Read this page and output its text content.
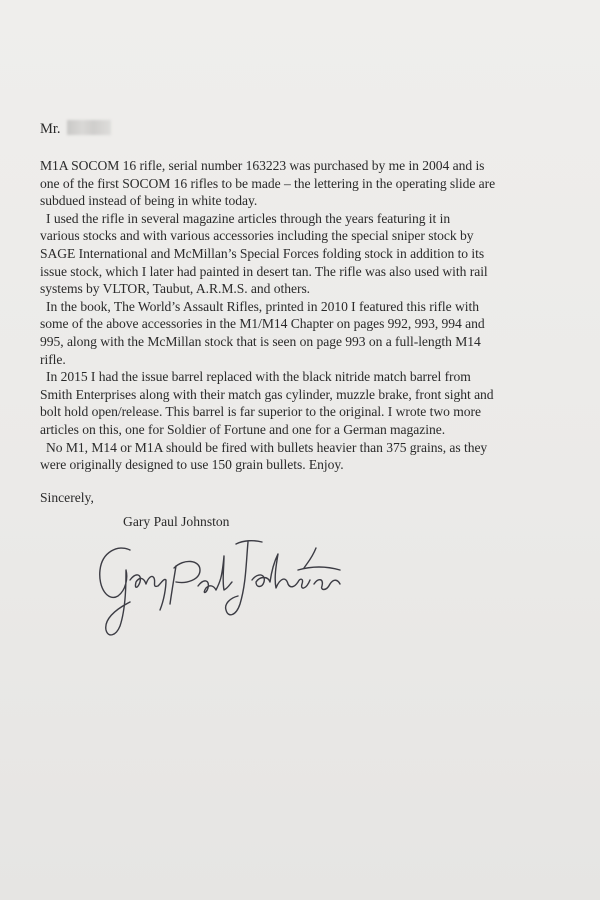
Mr.
M1A SOCOM 16 rifle, serial number 163223 was purchased by me in 2004 and is
one of the first SOCOM 16 rifles to be made – the lettering in the operating slide are
subdued instead of being in white today.
I used the rifle in several magazine articles through the years featuring it in
various stocks and with various accessories including the special sniper stock by
SAGE International and McMillan’s Special Forces folding stock in addition to its
issue stock, which I later had painted in desert tan. The rifle was also used with rail
systems by VLTOR, Taubut, A.R.M.S. and others.
In the book, The World’s Assault Rifles, printed in 2010 I featured this rifle with
some of the above accessories in the M1/M14 Chapter on pages 992, 993, 994 and
995, along with the McMillan stock that is seen on page 993 on a full-length M14
rifle.
In 2015 I had the issue barrel replaced with the black nitride match barrel from
Smith Enterprises along with their match gas cylinder, muzzle brake, front sight and
bolt hold open/release. This barrel is far superior to the original. I wrote two more
articles on this, one for Soldier of Fortune and one for a German magazine.
No M1, M14 or M1A should be fired with bullets heavier than 375 grains, as they
were originally designed to use 150 grain bullets. Enjoy.
Sincerely,
Gary Paul Johnston
